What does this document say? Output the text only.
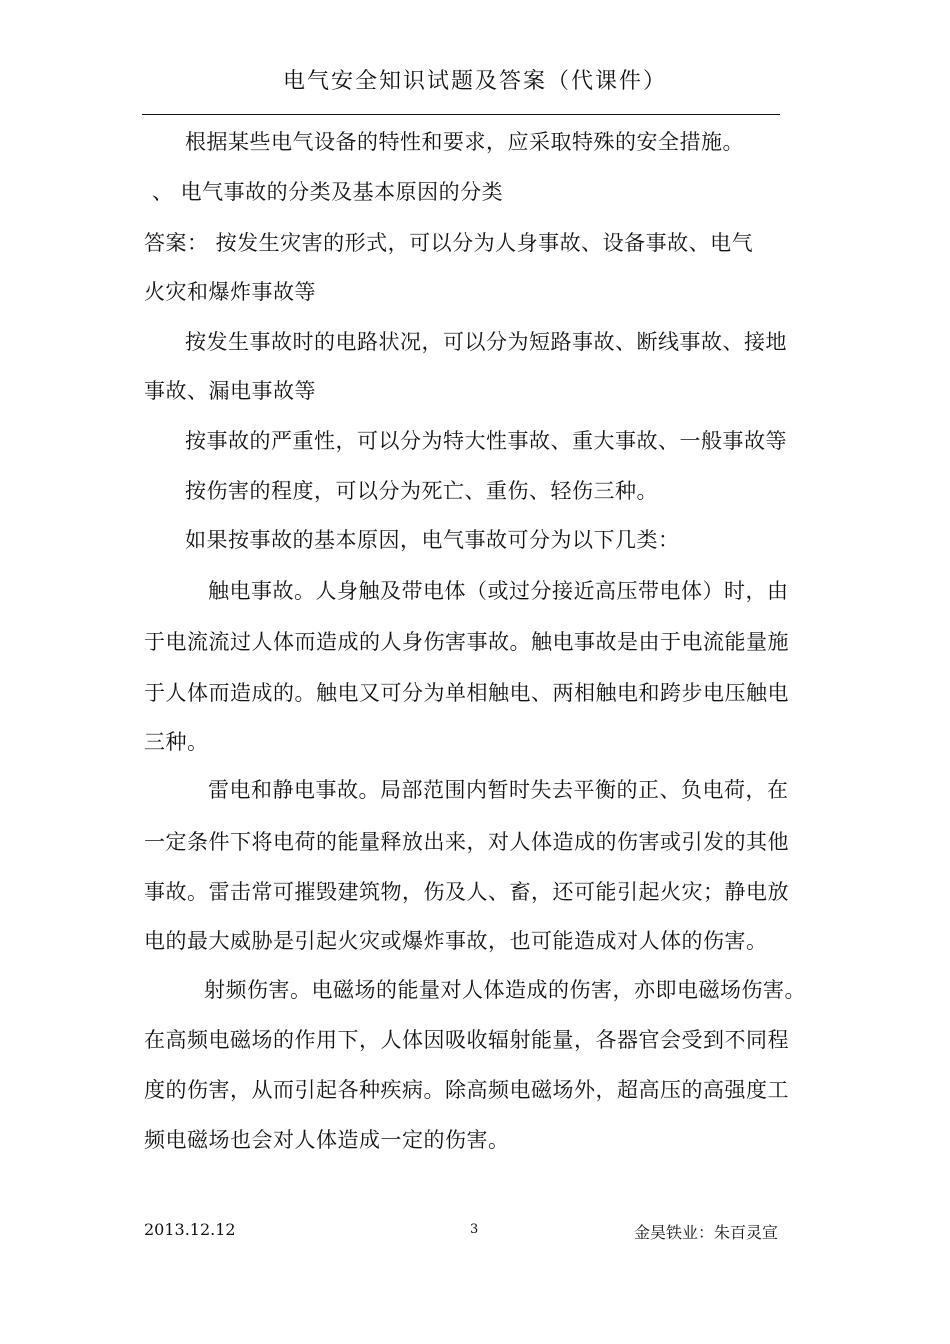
电气安全知识试题及答案（代课件）
根据某些电气设备的特性和要求，应采取特殊的安全措施。
、 电气事故的分类及基本原因的分类
答案： 按发生灾害的形式，可以分为人身事故、设备事故、电气
火灾和爆炸事故等
按发生事故时的电路状况，可以分为短路事故、断线事故、接地
事故、漏电事故等
按事故的严重性，可以分为特大性事故、重大事故、一般事故等
按伤害的程度，可以分为死亡、重伤、轻伤三种。
如果按事故的基本原因，电气事故可分为以下几类：
触电事故。人身触及带电体（或过分接近高压带电体）时，由
于电流流过人体而造成的人身伤害事故。触电事故是由于电流能量施
于人体而造成的。触电又可分为单相触电、两相触电和跨步电压触电
三种。
雷电和静电事故。局部范围内暂时失去平衡的正、负电荷，在
一定条件下将电荷的能量释放出来，对人体造成的伤害或引发的其他
事故。雷击常可摧毁建筑物，伤及人、畜，还可能引起火灾；静电放
电的最大威胁是引起火灾或爆炸事故，也可能造成对人体的伤害。
射频伤害。电磁场的能量对人体造成的伤害，亦即电磁场伤害。
在高频电磁场的作用下，人体因吸收辐射能量，各器官会受到不同程
度的伤害，从而引起各种疾病。除高频电磁场外，超高压的高强度工
频电磁场也会对人体造成一定的伤害。
2013.12.12	3	金昊铁业：朱百灵宣
